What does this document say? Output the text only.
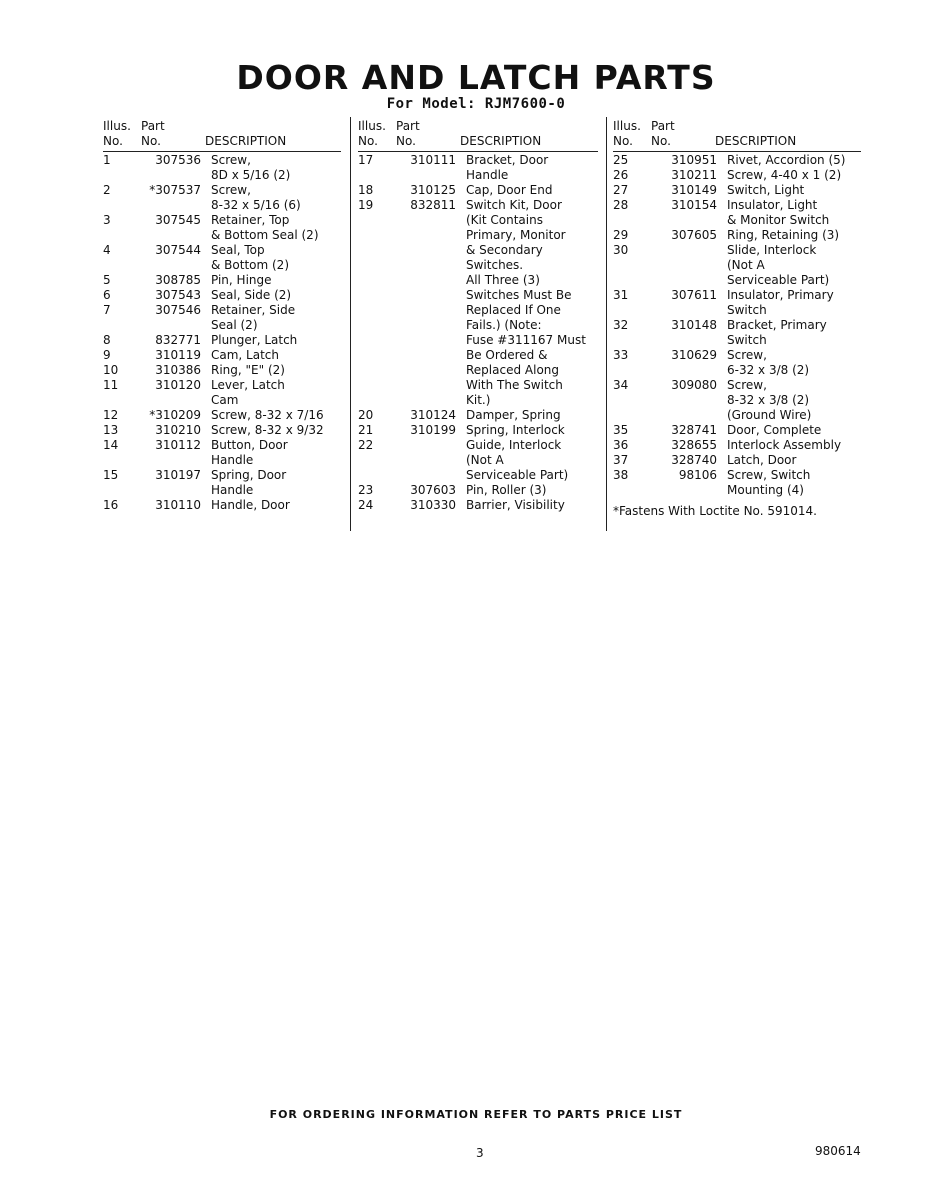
DOOR AND LATCH PARTS
For Model: RJM7600-0
Illus. Part
No. No.	DESCRIPTION
1	307536 Screw,
8D x 5/16 (2)
2	*307537 Screw,
8-32 x 5/16 (6)
3	307545 Retainer, Top
& Bottom Seal (2)
4	307544 Seal, Top
& Bottom (2)
5	308785 Pin, Hinge
6	307543 Seal, Side (2)
7	307546 Retainer, Side
Seal (2)
8	832771 Plunger, Latch
9	310119 Cam, Latch
10	310386 Ring, "E" (2)
11	310120 Lever, Latch
Cam
12	*310209 Screw, 8-32 x 7/16
13	310210 Screw, 8-32 x 9/32
14	310112 Button, Door
Handle
15	310197 Spring, Door
Handle
16	310110 Handle, Door
Illus. Part
No. No.	DESCRIPTION
17	310111 Bracket, Door
Handle
18	310125 Cap, Door End
19	832811 Switch Kit, Door
(Kit Contains
Primary, Monitor
& Secondary
Switches.
All Three (3)
Switches Must Be
Replaced If One
Fails.) (Note:
Fuse #311167 Must
Be Ordered &
Replaced Along
With The Switch
Kit.)
20	310124 Damper, Spring
21	310199 Spring, Interlock
22	Guide, Interlock
(Not A
Serviceable Part)
23	307603 Pin, Roller (3)
24	310330 Barrier, Visibility
Illus. Part
No. No.	DESCRIPTION
25	310951 Rivet, Accordion (5)
26	310211 Screw, 4-40 x 1 (2)
27	310149 Switch, Light
28	310154 Insulator, Light
& Monitor Switch
29	307605 Ring, Retaining (3)
30	Slide, Interlock
(Not A
Serviceable Part)
31	307611 Insulator, Primary
Switch
32	310148 Bracket, Primary
Switch
33	310629 Screw,
6-32 x 3/8 (2)
34	309080 Screw,
8-32 x 3/8 (2)
(Ground Wire)
35	328741 Door, Complete
36	328655 Interlock Assembly
37	328740 Latch, Door
38	98106 Screw, Switch
Mounting (4)
*Fastens With Loctite No. 591014.
FOR ORDERING INFORMATION REFER TO PARTS PRICE LIST
3	980614
